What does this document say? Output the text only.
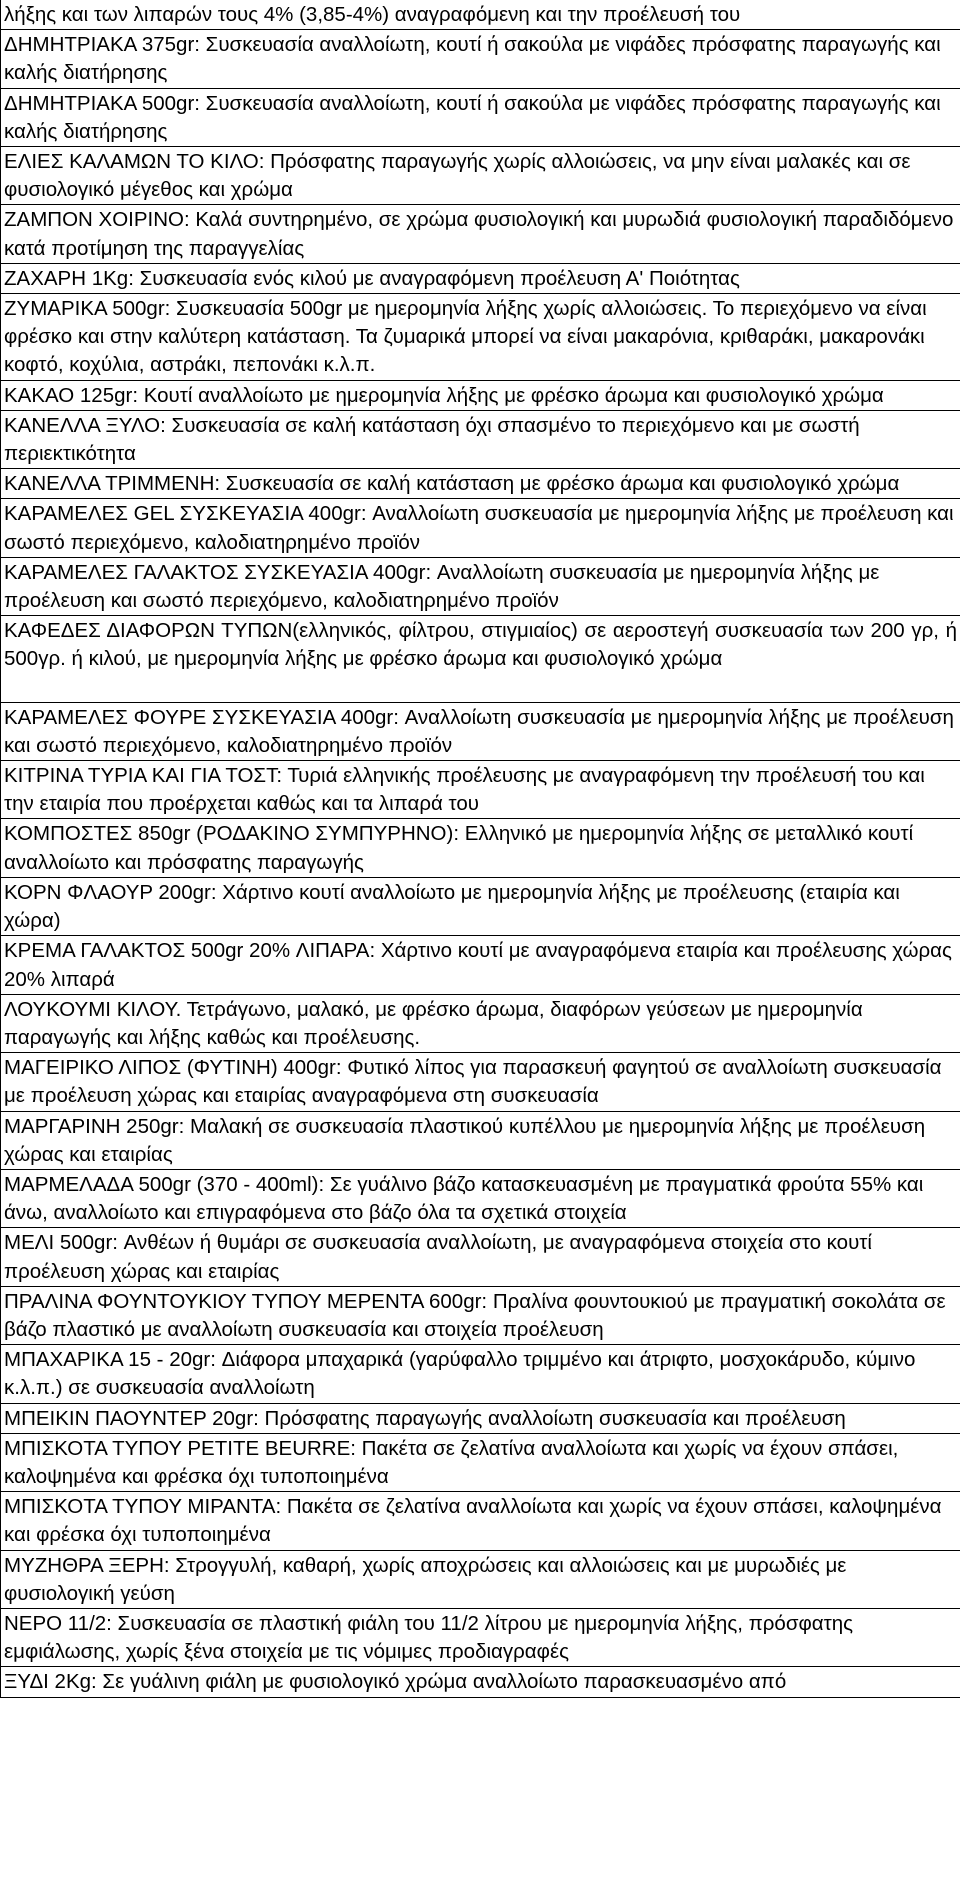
λήξης και των λιπαρών τους 4% (3,85-4%) αναγραφόμενη και την προέλευσή του
ΔΗΜΗΤΡΙΑΚΑ 375gr: Συσκευασία αναλλοίωτη, κουτί ή σακούλα με νιφάδες πρόσφατης παραγωγής και καλής διατήρησης
ΔΗΜΗΤΡΙΑΚΑ 500gr: Συσκευασία αναλλοίωτη, κουτί ή σακούλα με νιφάδες πρόσφατης παραγωγής και καλής διατήρησης
ΕΛΙΕΣ ΚΑΛΑΜΩΝ ΤΟ ΚΙΛΟ: Πρόσφατης παραγωγής χωρίς αλλοιώσεις, να μην είναι μαλακές και σε φυσιολογικό μέγεθος και χρώμα
ΖΑΜΠΟΝ ΧΟΙΡΙΝΟ: Καλά συντηρημένο, σε χρώμα φυσιολογική και μυρωδιά φυσιολογική παραδιδόμενο κατά προτίμηση της παραγγελίας
ΖΑΧΑΡΗ 1Kg: Συσκευασία ενός κιλού με αναγραφόμενη προέλευση Α' Ποιότητας
ΖΥΜΑΡΙΚΑ 500gr: Συσκευασία 500gr με ημερομηνία λήξης χωρίς αλλοιώσεις. Το περιεχόμενο να είναι φρέσκο και στην καλύτερη κατάσταση. Τα ζυμαρικά μπορεί να είναι μακαρόνια, κριθαράκι, μακαρονάκι κοφτό, κοχύλια, αστράκι, πεπονάκι κ.λ.π.
ΚΑΚΑΟ 125gr: Κουτί αναλλοίωτο με ημερομηνία λήξης με φρέσκο άρωμα και φυσιολογικό χρώμα
ΚΑΝΕΛΛΑ ΞΥΛΟ: Συσκευασία σε καλή κατάσταση όχι σπασμένο το περιεχόμενο και με σωστή περιεκτικότητα
ΚΑΝΕΛΛΑ ΤΡΙΜΜΕΝΗ: Συσκευασία σε καλή κατάσταση με φρέσκο άρωμα και φυσιολογικό χρώμα
ΚΑΡΑΜΕΛΕΣ GEL ΣΥΣΚΕΥΑΣΙΑ 400gr: Αναλλοίωτη συσκευασία με ημερομηνία λήξης με προέλευση και σωστό περιεχόμενο, καλοδιατηρημένο προϊόν
ΚΑΡΑΜΕΛΕΣ ΓΑΛΑΚΤΟΣ ΣΥΣΚΕΥΑΣΙΑ 400gr: Αναλλοίωτη συσκευασία με ημερομηνία λήξης με προέλευση και σωστό περιεχόμενο, καλοδιατηρημένο προϊόν
ΚΑΦΕΔΕΣ ΔΙΑΦΟΡΩΝ ΤΥΠΩΝ(ελληνικός, φίλτρου, στιγμιαίος) σε αεροστεγή συσκευασία των 200 γρ, ή 500γρ. ή κιλού, με ημερομηνία λήξης με φρέσκο άρωμα και φυσιολογικό χρώμα
ΚΑΡΑΜΕΛΕΣ ΦΟΥΡΕ ΣΥΣΚΕΥΑΣΙΑ 400gr: Αναλλοίωτη συσκευασία με ημερομηνία λήξης με προέλευση και σωστό περιεχόμενο, καλοδιατηρημένο προϊόν
ΚΙΤΡΙΝΑ ΤΥΡΙΑ ΚΑΙ ΓΙΑ ΤΟΣΤ: Τυριά ελληνικής προέλευσης με αναγραφόμενη την προέλευσή του και την εταιρία που προέρχεται καθώς και τα λιπαρά του
ΚΟΜΠΟΣΤΕΣ 850gr (ΡΟΔΑΚΙΝΟ ΣΥΜΠΥΡΗΝΟ): Ελληνικό με ημερομηνία λήξης σε μεταλλικό κουτί αναλλοίωτο και πρόσφατης παραγωγής
ΚΟΡΝ ΦΛΑΟΥΡ 200gr: Χάρτινο κουτί αναλλοίωτο με ημερομηνία λήξης με προέλευσης (εταιρία και χώρα)
ΚΡΕΜΑ ΓΑΛΑΚΤΟΣ 500gr 20% ΛΙΠΑΡΑ: Χάρτινο κουτί με αναγραφόμενα εταιρία και προέλευσης χώρας 20% λιπαρά
ΛΟΥΚΟΥΜΙ ΚΙΛΟΥ. Τετράγωνο, μαλακό, με φρέσκο άρωμα, διαφόρων γεύσεων με ημερομηνία παραγωγής και λήξης καθώς και προέλευσης.
ΜΑΓΕΙΡΙΚΟ ΛΙΠΟΣ (ΦΥΤΙΝΗ) 400gr: Φυτικό λίπος για παρασκευή φαγητού σε αναλλοίωτη συσκευασία με προέλευση χώρας και εταιρίας αναγραφόμενα στη συσκευασία
ΜΑΡΓΑΡΙΝΗ 250gr: Μαλακή σε συσκευασία πλαστικού κυπέλλου με ημερομηνία λήξης με προέλευση χώρας και εταιρίας
ΜΑΡΜΕΛΑΔΑ 500gr (370 - 400ml): Σε γυάλινο βάζο κατασκευασμένη με πραγματικά φρούτα 55% και άνω, αναλλοίωτο και επιγραφόμενα στο βάζο όλα τα σχετικά στοιχεία
ΜΕΛΙ 500gr: Ανθέων ή θυμάρι σε συσκευασία αναλλοίωτη, με αναγραφόμενα στοιχεία στο κουτί προέλευση χώρας και εταιρίας
ΠΡΑΛΙΝΑ ΦΟΥΝΤΟΥΚΙΟΥ ΤΥΠΟΥ ΜΕΡΕΝΤΑ 600gr: Πραλίνα φουντουκιού με πραγματική σοκολάτα σε βάζο πλαστικό με αναλλοίωτη συσκευασία και στοιχεία προέλευση
ΜΠΑΧΑΡΙΚΑ 15 - 20gr: Διάφορα μπαχαρικά (γαρύφαλλο τριμμένο και άτριφτο, μοσχοκάρυδο, κύμινο κ.λ.π.) σε συσκευασία αναλλοίωτη
ΜΠΕΙΚΙΝ ΠΑΟΥΝΤΕΡ 20gr: Πρόσφατης παραγωγής αναλλοίωτη συσκευασία και προέλευση
ΜΠΙΣΚΟΤΑ ΤΥΠΟΥ PETITE BEURRE: Πακέτα σε ζελατίνα αναλλοίωτα και χωρίς να έχουν σπάσει, καλοψημένα και φρέσκα όχι τυποποιημένα
ΜΠΙΣΚΟΤΑ ΤΥΠΟΥ ΜΙΡΑΝΤΑ: Πακέτα σε ζελατίνα αναλλοίωτα και χωρίς να έχουν σπάσει, καλοψημένα και φρέσκα όχι τυποποιημένα
ΜΥΖΗΘΡΑ ΞΕΡΗ: Στρογγυλή, καθαρή, χωρίς αποχρώσεις και αλλοιώσεις και με μυρωδιές με φυσιολογική γεύση
ΝΕΡΟ 11/2: Συσκευασία σε πλαστική φιάλη του 11/2 λίτρου με ημερομηνία λήξης, πρόσφατης εμφιάλωσης, χωρίς ξένα στοιχεία με τις νόμιμες προδιαγραφές
ΞΥΔΙ 2Kg: Σε γυάλινη φιάλη με φυσιολογικό χρώμα αναλλοίωτο παρασκευασμένο από
